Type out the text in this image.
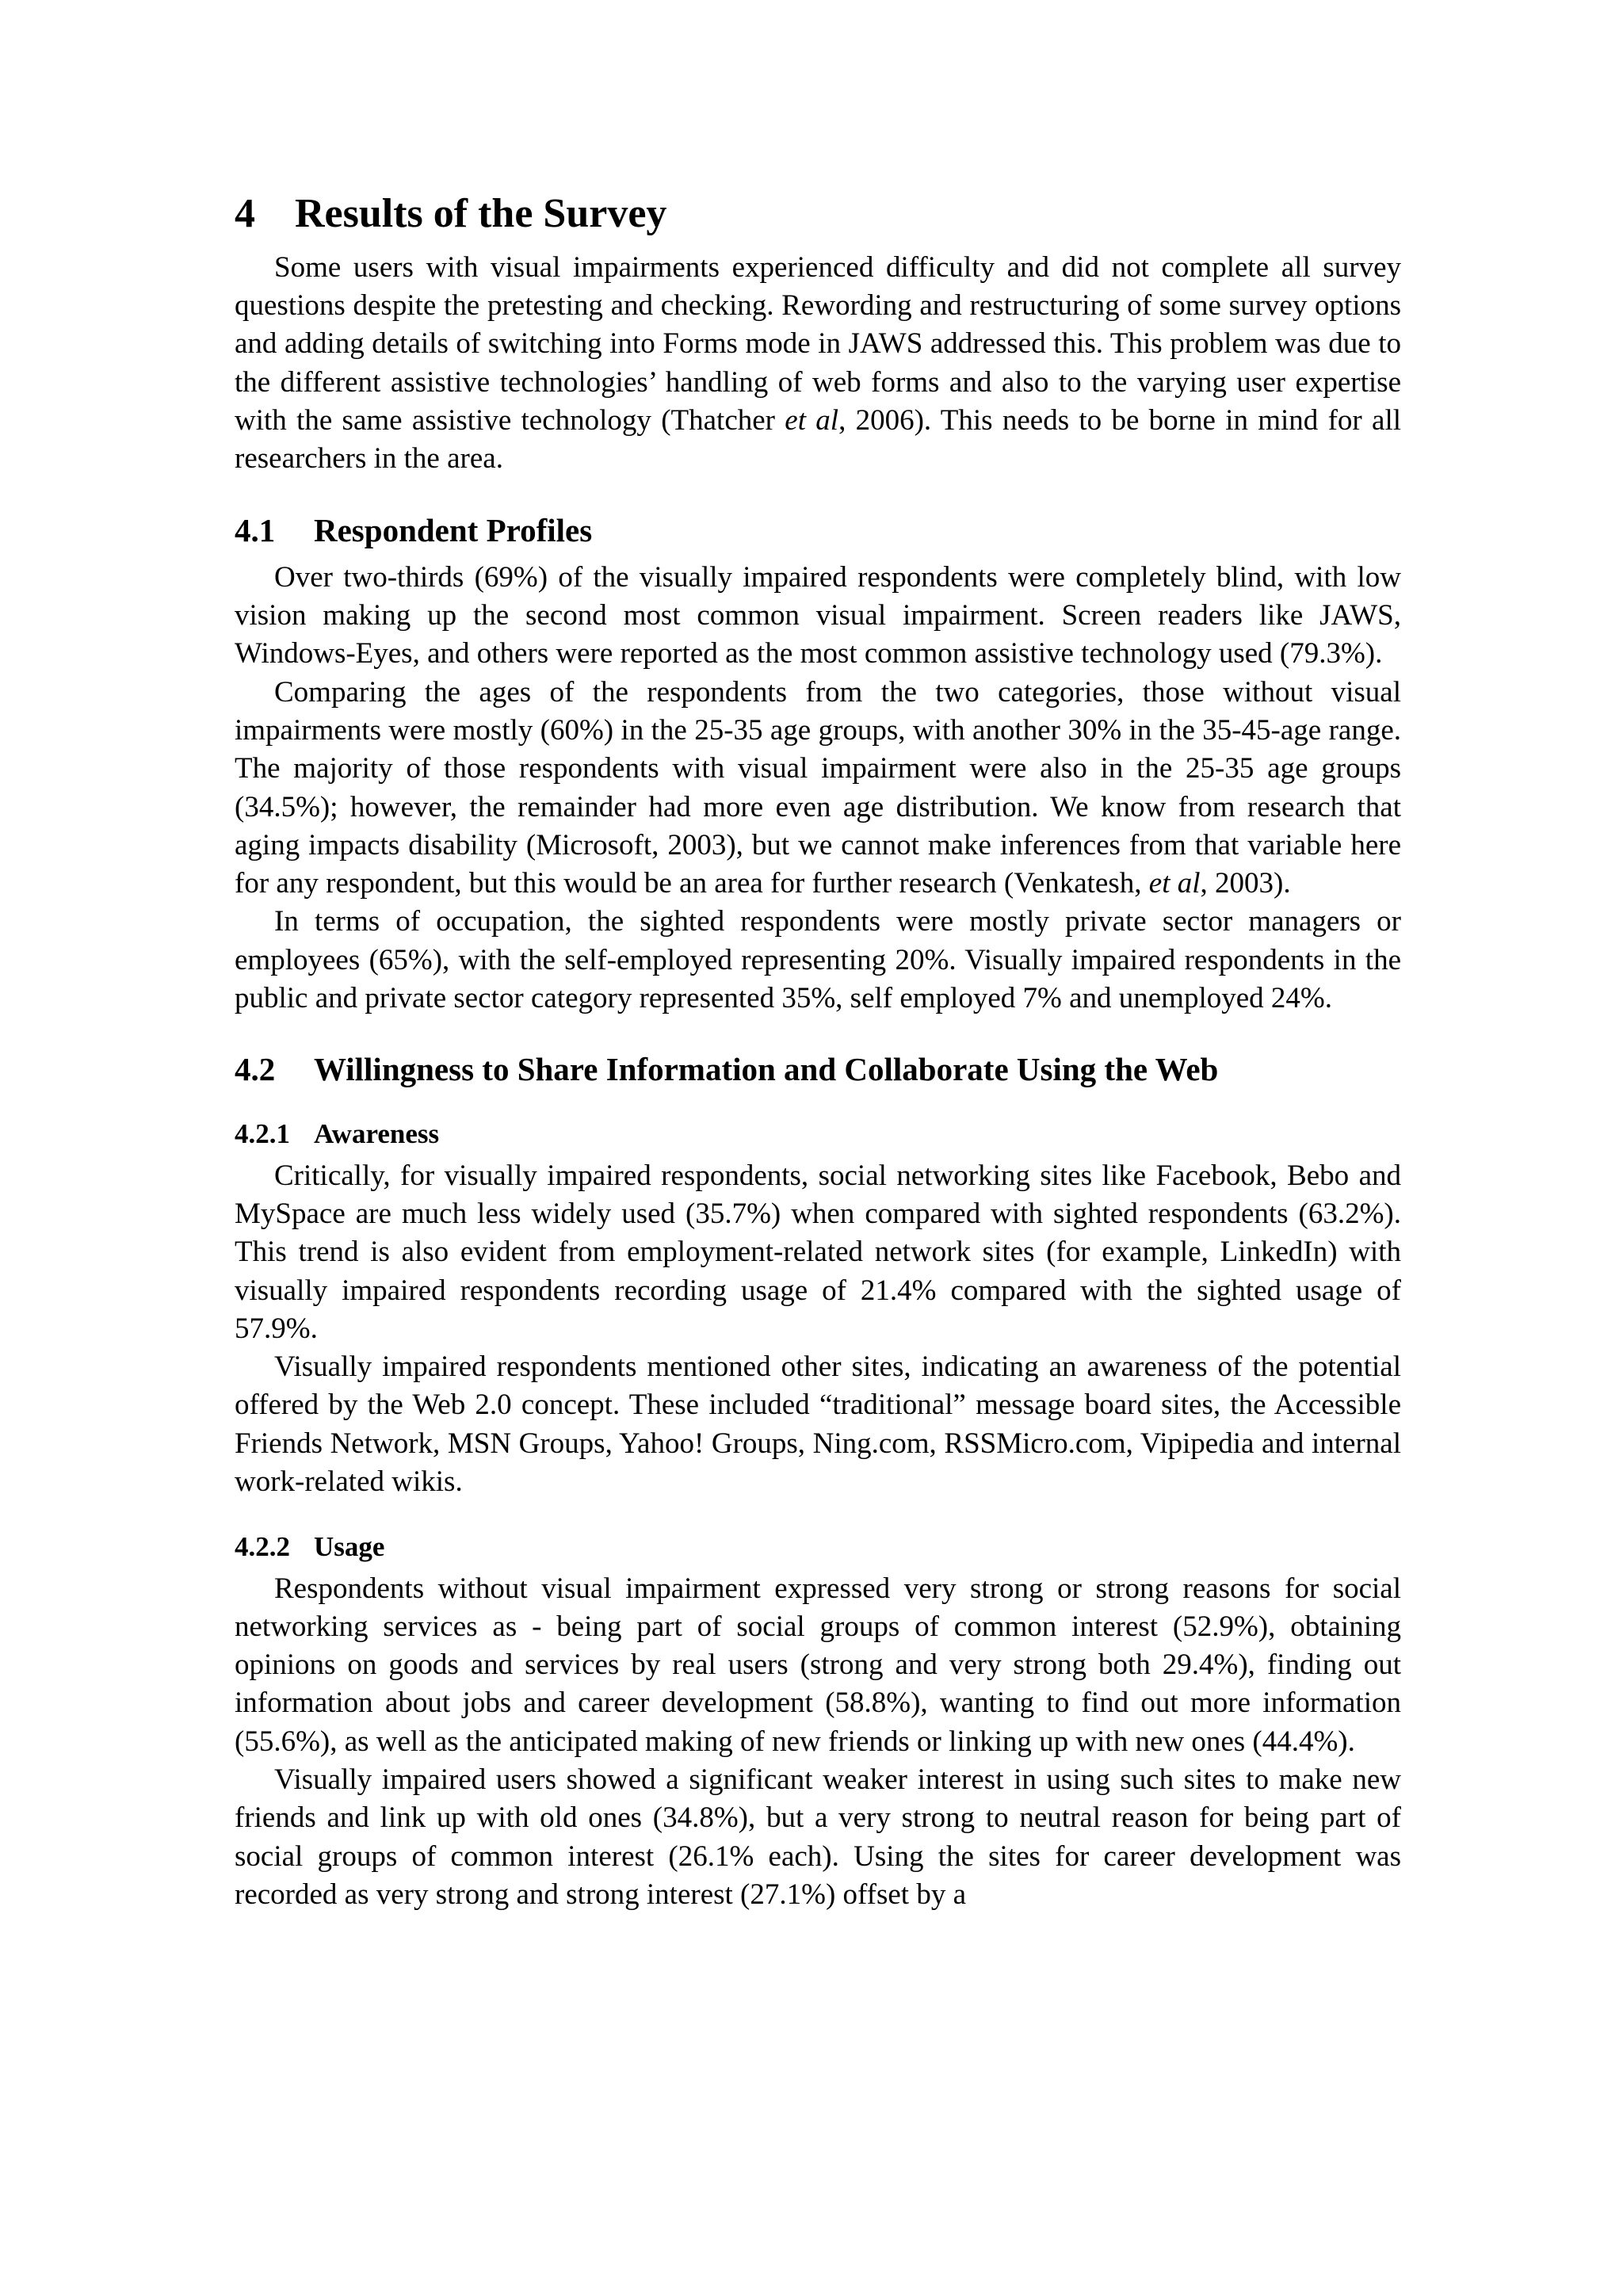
4 Results of the Survey

Some users with visual impairments experienced difficulty and did not complete all survey questions despite the pretesting and checking. Rewording and restructuring of some survey options and adding details of switching into Forms mode in JAWS addressed this. This problem was due to the different assistive technologies’ handling of web forms and also to the varying user expertise with the same assistive technology (Thatcher et al, 2006). This needs to be borne in mind for all researchers in the area.

4.1 Respondent Profiles

Over two-thirds (69%) of the visually impaired respondents were completely blind, with low vision making up the second most common visual impairment. Screen readers like JAWS, Windows-Eyes, and others were reported as the most common assistive technology used (79.3%).

Comparing the ages of the respondents from the two categories, those without visual impairments were mostly (60%) in the 25-35 age groups, with another 30% in the 35-45-age range. The majority of those respondents with visual impairment were also in the 25-35 age groups (34.5%); however, the remainder had more even age distribution. We know from research that aging impacts disability (Microsoft, 2003), but we cannot make inferences from that variable here for any respondent, but this would be an area for further research (Venkatesh, et al, 2003).

In terms of occupation, the sighted respondents were mostly private sector managers or employees (65%), with the self-employed representing 20%. Visually impaired respondents in the public and private sector category represented 35%, self employed 7% and unemployed 24%.

4.2 Willingness to Share Information and Collaborate Using the Web
4.2.1 Awareness

Critically, for visually impaired respondents, social networking sites like Facebook, Bebo and MySpace are much less widely used (35.7%) when compared with sighted respondents (63.2%). This trend is also evident from employment-related network sites (for example, LinkedIn) with visually impaired respondents recording usage of 21.4% compared with the sighted usage of 57.9%.

Visually impaired respondents mentioned other sites, indicating an awareness of the potential offered by the Web 2.0 concept. These included “traditional” message board sites, the Accessible Friends Network, MSN Groups, Yahoo! Groups, Ning.com, RSSMicro.com, Vipipedia and internal work-related wikis.

4.2.2 Usage

Respondents without visual impairment expressed very strong or strong reasons for social networking services as - being part of social groups of common interest (52.9%), obtaining opinions on goods and services by real users (strong and very strong both 29.4%), finding out information about jobs and career development (58.8%), wanting to find out more information (55.6%), as well as the anticipated making of new friends or linking up with new ones (44.4%).

Visually impaired users showed a significant weaker interest in using such sites to make new friends and link up with old ones (34.8%), but a very strong to neutral reason for being part of social groups of common interest (26.1% each). Using the sites for career development was recorded as very strong and strong interest (27.1%) offset by a
